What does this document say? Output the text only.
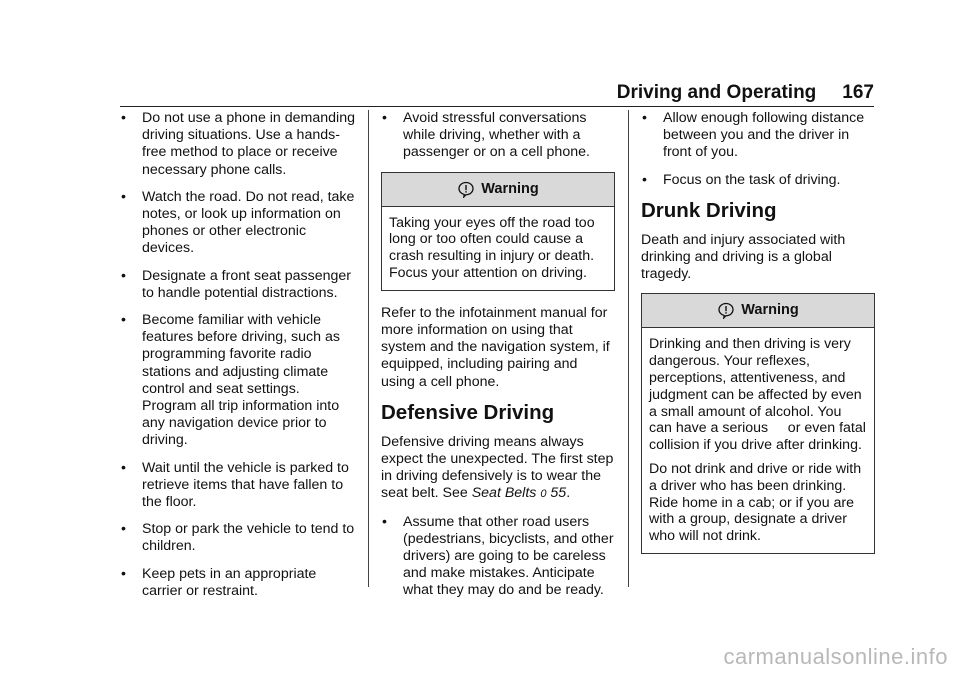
Driving and Operating 167
• Do not use a phone in demanding driving situations. Use a hands-free method to place or receive necessary phone calls.
• Watch the road. Do not read, take notes, or look up information on phones or other electronic devices.
• Designate a front seat passenger to handle potential distractions.
• Become familiar with vehicle features before driving, such as programming favorite radio stations and adjusting climate control and seat settings. Program all trip information into any navigation device prior to driving.
• Wait until the vehicle is parked to retrieve items that have fallen to the floor.
• Stop or park the vehicle to tend to children.
• Keep pets in an appropriate carrier or restraint.
• Avoid stressful conversations while driving, whether with a passenger or on a cell phone.
Warning

Taking your eyes off the road too long or too often could cause a crash resulting in injury or death. Focus your attention on driving.

Refer to the infotainment manual for more information on using that system and the navigation system, if equipped, including pairing and using a cell phone.

Defensive Driving

Defensive driving means always expect the unexpected. The first step in driving defensively is to wear the seat belt. See Seat Belts 0 55.

• Assume that other road users (pedestrians, bicyclists, and other drivers) are going to be careless and make mistakes. Anticipate what they may do and be ready.
• Allow enough following distance between you and the driver in front of you.
• Focus on the task of driving.
Drunk Driving

Death and injury associated with drinking and driving is a global tragedy.

Warning

Drinking and then driving is very dangerous. Your reflexes, perceptions, attentiveness, and judgment can be affected by even a small amount of alcohol. You can have a serious     or even fatal     collision if you drive after drinking.

Do not drink and drive or ride with a driver who has been drinking. Ride home in a cab; or if you are with a group, designate a driver who will not drink.

carmanualsonline.info
